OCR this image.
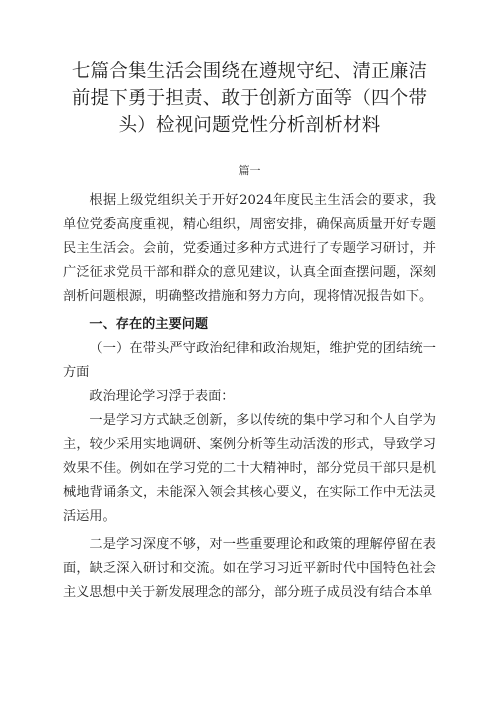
七篇合集生活会围绕在遵规守纪、清正廉洁前提下勇于担责、敢于创新方面等（四个带头）检视问题党性分析剖析材料
篇一

根据上级党组织关于开好2024年度民主生活会的要求，我单位党委高度重视，精心组织，周密安排，确保高质量开好专题民主生活会。会前，党委通过多种方式进行了专题学习研讨，并广泛征求党员干部和群众的意见建议，认真全面查摆问题，深刻剖析问题根源，明确整改措施和努力方向，现将情况报告如下。

一、存在的主要问题

（一）在带头严守政治纪律和政治规矩，维护党的团结统一方面

政治理论学习浮于表面：

一是学习方式缺乏创新，多以传统的集中学习和个人自学为主，较少采用实地调研、案例分析等生动活泼的形式，导致学习效果不佳。例如在学习党的二十大精神时，部分党员干部只是机械地背诵条文，未能深入领会其核心要义，在实际工作中无法灵活运用。

二是学习深度不够，对一些重要理论和政策的理解停留在表面，缺乏深入研讨和交流。如在学习习近平新时代中国特色社会主义思想中关于新发展理念的部分，部分班子成员没有结合本单
